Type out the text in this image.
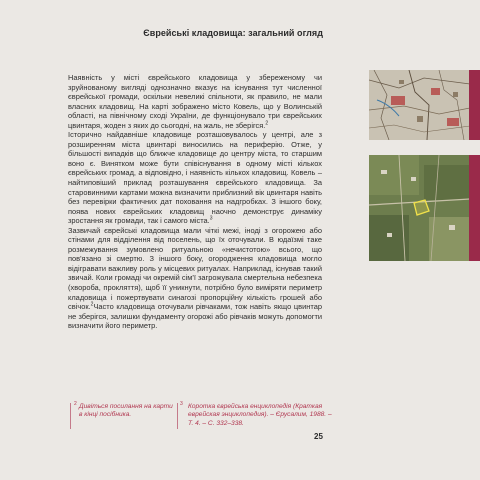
Єврейські кладовища: загальний огляд

Наявність у місті єврейського кладовища у збереженому чи зруйнованому вигляді однозначно вказує на існування тут численної єврейської громади, оскільки невеликі спільноти, як правило, не мали власних кладовищ. На карті зображено місто Ковель, що у Волинській області, на північному сході України, де функціонувало три єврейських цвинтаря, жоден з яких до сьогодні, на жаль, не зберігся.$^2$

Історично найдавніше кладовище розташовувалось у центрі, але з розширенням міста цвинтарі виносились на периферію. Отже, у більшості випадків що ближче кладовище до центру міста, то старшим воно є. Винятком може бути співіснування в одному місті кількох єврейських громад, а відповідно, і наявність кількох кладовищ. Ковель – найтиповіший приклад розташування єврейського кладовища. За старовинними картами можна визначити приблизний вік цвинтаря навіть без перевірки фактичних дат поховання на надгробках. З іншого боку, поява нових єврейських кладовищ наочно демонструє динаміку зростання як громади, так і самого міста.$^3$

Зазвичай єврейські кладовища мали чіткі межі, іноді з огорожею або стінами для відділення від поселень, що їх оточували. В юдаїзмі таке розмежування зумовлено ритуальною «нечистотою» всього, що пов'язано зі смертю. З іншого боку, огородження кладовища могло відігравати важливу роль у місцевих ритуалах. Наприклад, існував такий звичай. Коли громаді чи окремій сім'ї загрожувала смертельна небезпека (хвороба, прокляття), щоб її уникнути, потрібно було виміряти периметр кладовища і пожертвувати синагозі пропорційну кількість грошей або свічок.$^2$Часто кладовища оточували рівчаками, тож навіть якщо цвинтар не зберігся, залишки фундаменту огорожі або рівчаків можуть допомогти визначити його периметр.

2 Дивіться посилання на карти в кінці посібника.
3 Коротка єврейська енциклопедія (Краткая еврейская энциклопедия). – Єрусалим, 1988. – Т. 4. – С. 332–338.
25
